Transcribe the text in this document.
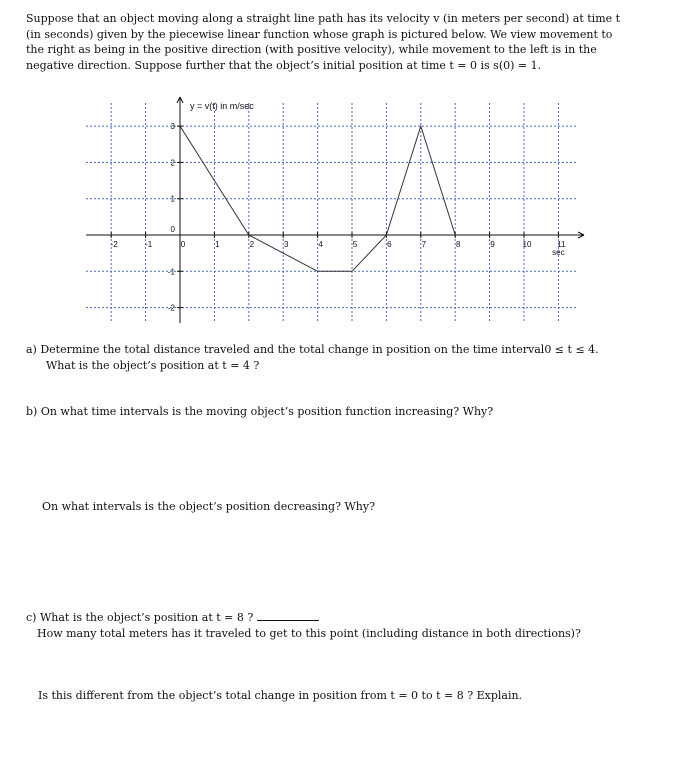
Suppose that an object moving along a straight line path has its velocity v (in meters per second) at time t
(in seconds) given by the piecewise linear function whose graph is pictured below. We view movement to
the right as being in the positive direction (with positive velocity), while movement to the left is in the
negative direction. Suppose further that the object’s initial position at time t = 0 is s(0) = 1.
-2	-1	0	1	2	3	4	5	6	7	8	9	10	11
3
2
1
0
-1
-2
y = v(t) in m/sec
sec
a) Determine the total distance traveled and the total change in position on the time interval0 ≤ t ≤ 4.
What is the object’s position at t = 4 ?
b) On what time intervals is the moving object’s position function increasing? Why?
On what intervals is the object’s position decreasing? Why?
c) What is the object’s position at t = 8 ?
How many total meters has it traveled to get to this point (including distance in both directions)?
Is this different from the object’s total change in position from t = 0 to t = 8 ? Explain.
